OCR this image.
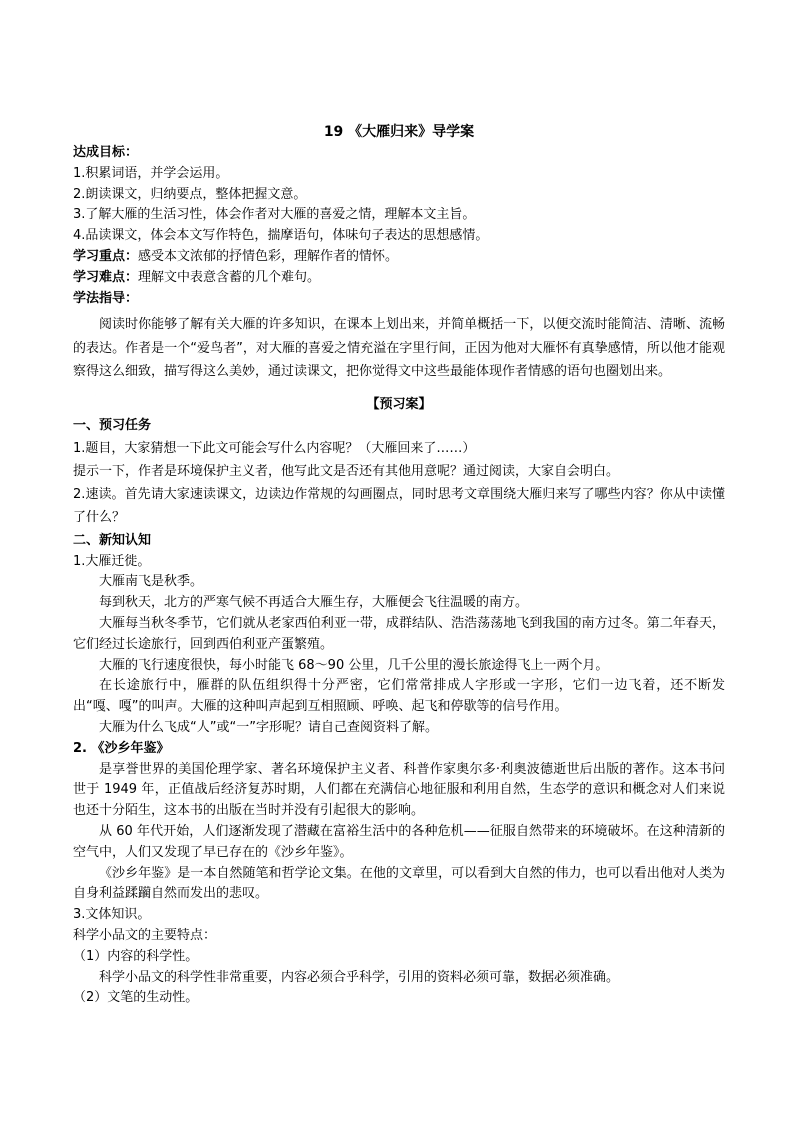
19 《大雁归来》导学案

达成目标：

1.积累词语，并学会运用。

2.朗读课文，归纳要点，整体把握文意。

3.了解大雁的生活习性，体会作者对大雁的喜爱之情，理解本文主旨。

4.品读课文，体会本文写作特色，揣摩语句，体味句子表达的思想感情。

学习重点：感受本文浓郁的抒情色彩，理解作者的情怀。

学习难点：理解文中表意含蓄的几个难句。

学法指导：

阅读时你能够了解有关大雁的许多知识，在课本上划出来，并简单概括一下，以便交流时能简洁、清晰、流畅的表达。作者是一个“爱鸟者”，对大雁的喜爱之情充溢在字里行间，正因为他对大雁怀有真挚感情，所以他才能观察得这么细致，描写得这么美妙，通过读课文，把你觉得文中这些最能体现作者情感的语句也圈划出来。

【预习案】

一、预习任务

1.题目，大家猜想一下此文可能会写什么内容呢？（大雁回来了……）

提示一下，作者是环境保护主义者，他写此文是否还有其他用意呢？通过阅读，大家自会明白。

2.速读。首先请大家速读课文，边读边作常规的勾画圈点，同时思考文章围绕大雁归来写了哪些内容？你从中读懂了什么？

二、新知认知

1.大雁迁徙。

大雁南飞是秋季。

每到秋天，北方的严寒气候不再适合大雁生存，大雁便会飞往温暖的南方。

大雁每当秋冬季节，它们就从老家西伯利亚一带，成群结队、浩浩荡荡地飞到我国的南方过冬。第二年春天，它们经过长途旅行，回到西伯利亚产蛋繁殖。

大雁的飞行速度很快，每小时能飞 68～90 公里，几千公里的漫长旅途得飞上一两个月。

在长途旅行中，雁群的队伍组织得十分严密，它们常常排成人字形或一字形，它们一边飞着，还不断发出“嘎、嘎”的叫声。大雁的这种叫声起到互相照顾、呼唤、起飞和停歇等的信号作用。

大雁为什么飞成“人”或“一”字形呢？请自己查阅资料了解。

2. 《沙乡年鉴》

是享誉世界的美国伦理学家、著名环境保护主义者、科普作家奥尔多·利奥波德逝世后出版的著作。这本书问世于 1949 年，正值战后经济复苏时期，人们都在充满信心地征服和利用自然，生态学的意识和概念对人们来说也还十分陌生，这本书的出版在当时并没有引起很大的影响。

从 60 年代开始，人们逐渐发现了潜藏在富裕生活中的各种危机——征服自然带来的环境破坏。在这种清新的空气中，人们又发现了早已存在的《沙乡年鉴》。

《沙乡年鉴》是一本自然随笔和哲学论文集。在他的文章里，可以看到大自然的伟力，也可以看出他对人类为自身利益蹂躏自然而发出的悲叹。

3.文体知识。

科学小品文的主要特点：

（1）内容的科学性。

科学小品文的科学性非常重要，内容必须合乎科学，引用的资料必须可靠，数据必须准确。

（2）文笔的生动性。
